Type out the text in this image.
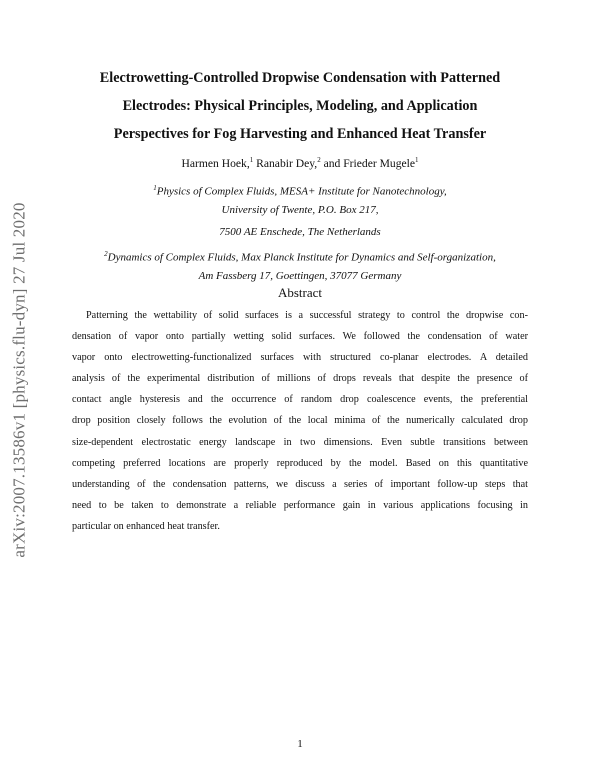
arXiv:2007.13586v1 [physics.flu-dyn] 27 Jul 2020
Electrowetting-Controlled Dropwise Condensation with Patterned
Electrodes: Physical Principles, Modeling, and Application
Perspectives for Fog Harvesting and Enhanced Heat Transfer

Harmen Hoek,$^1$ Ranabir Dey,$^2$ and Frieder Mugele$^1$

$^1$Physics of Complex Fluids, MESA+ Institute for Nanotechnology,
University of Twente, P.O. Box 217,
7500 AE Enschede, The Netherlands
$^2$Dynamics of Complex Fluids, Max Planck Institute for Dynamics and Self-organization,
Am Fassberg 17, Goettingen, 37077 Germany
Abstract
Patterning the wettability of solid surfaces is a successful strategy to control the dropwise con-
densation of vapor onto partially wetting solid surfaces. We followed the condensation of water
vapor onto electrowetting-functionalized surfaces with structured co-planar electrodes. A detailed
analysis of the experimental distribution of millions of drops reveals that despite the presence of
contact angle hysteresis and the occurrence of random drop coalescence events, the preferential
drop position closely follows the evolution of the local minima of the numerically calculated drop
size-dependent electrostatic energy landscape in two dimensions. Even subtle transitions between
competing preferred locations are properly reproduced by the model. Based on this quantitative
understanding of the condensation patterns, we discuss a series of important follow-up steps that
need to be taken to demonstrate a reliable performance gain in various applications focusing in
particular on enhanced heat transfer.

1
